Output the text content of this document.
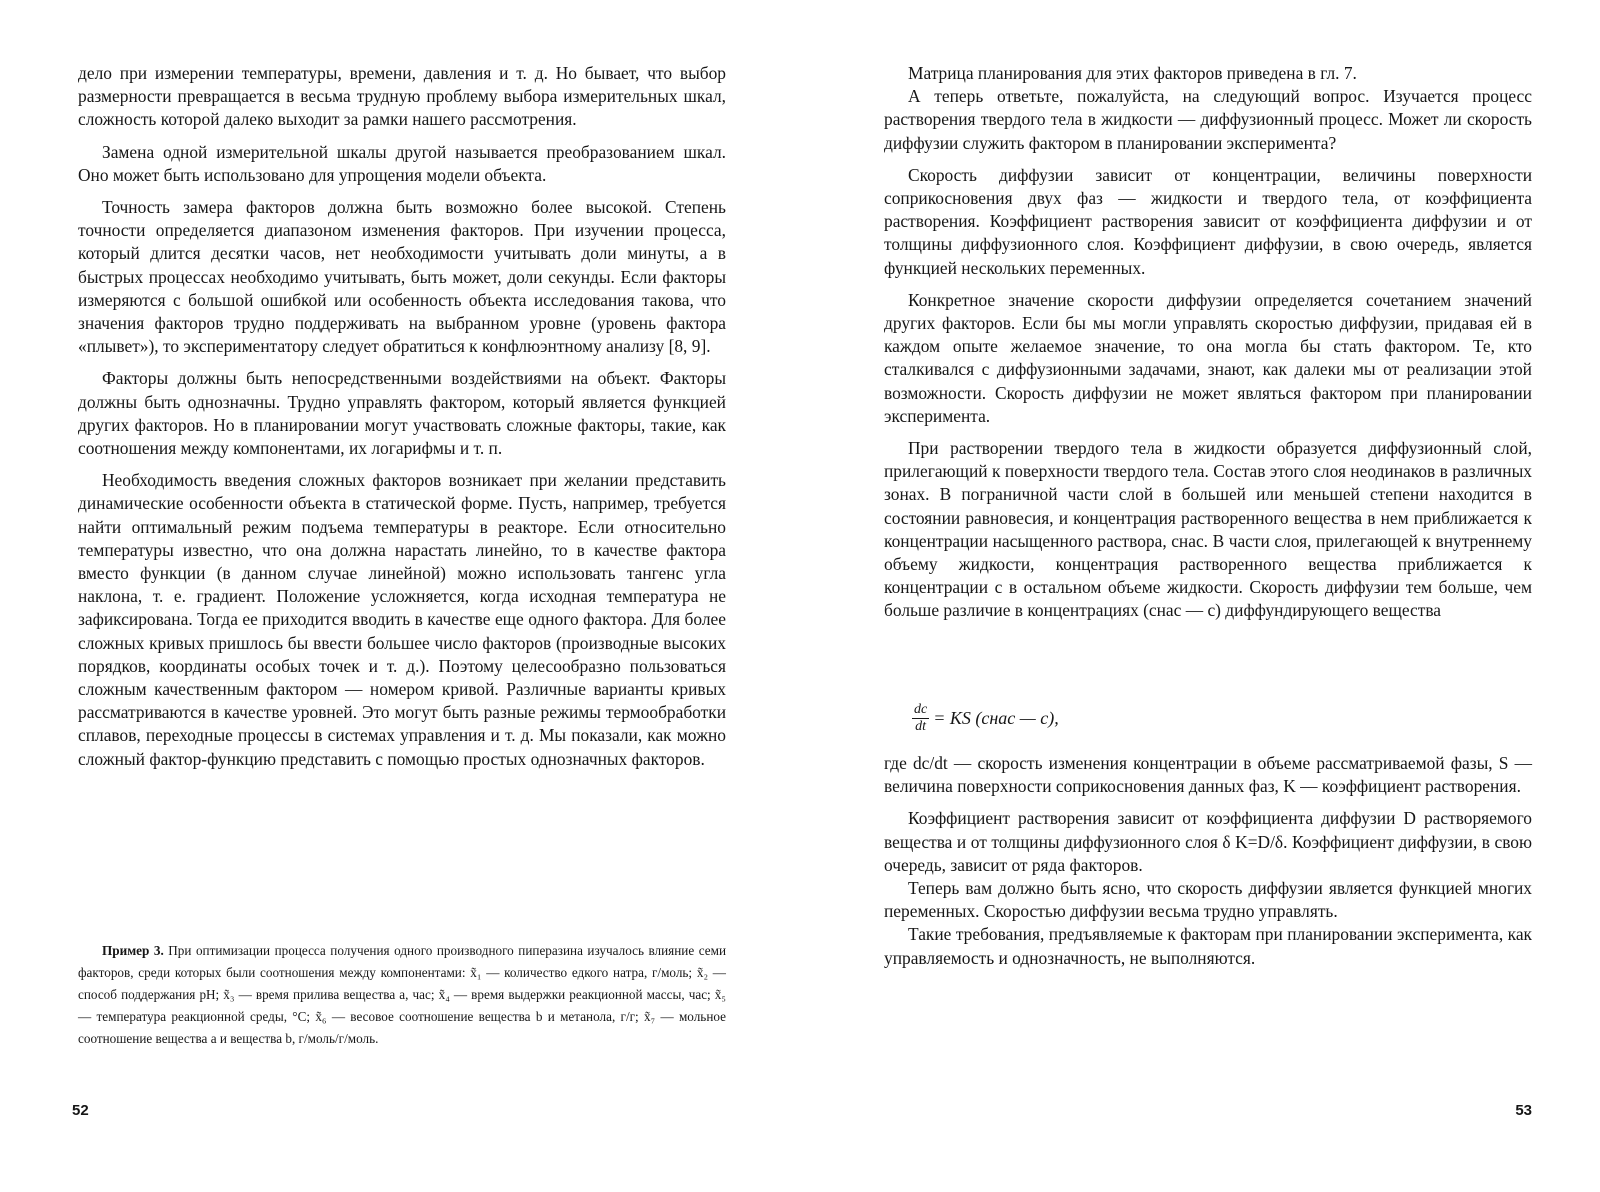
дело при измерении температуры, времени, давления и т. д. Но бывает, что выбор размерности превращается в весьма трудную проблему выбора измерительных шкал, сложность которой далеко выходит за рамки нашего рассмотрения.

Замена одной измерительной шкалы другой называется преобразованием шкал. Оно может быть использовано для упрощения модели объекта.

Точность замера факторов должна быть возможно более высокой. Степень точности определяется диапазоном изменения факторов. При изучении процесса, который длится десятки часов, нет необходимости учитывать доли минуты, а в быстрых процессах необходимо учитывать, быть может, доли секунды. Если факторы измеряются с большой ошибкой или особенность объекта исследования такова, что значения факторов трудно поддерживать на выбранном уровне (уровень фактора «плывет»), то экспериментатору следует обратиться к конфлюэнтному анализу [8, 9].

Факторы должны быть непосредственными воздействиями на объект. Факторы должны быть однозначны. Трудно управлять фактором, который является функцией других факторов. Но в планировании могут участвовать сложные факторы, такие, как соотношения между компонентами, их логарифмы и т. п.

Необходимость введения сложных факторов возникает при желании представить динамические особенности объекта в статической форме. Пусть, например, требуется найти оптимальный режим подъема температуры в реакторе. Если относительно температуры известно, что она должна нарастать линейно, то в качестве фактора вместо функции (в данном случае линейной) можно использовать тангенс угла наклона, т. е. градиент. Положение усложняется, когда исходная температура не зафиксирована. Тогда ее приходится вводить в качестве еще одного фактора. Для более сложных кривых пришлось бы ввести большее число факторов (производные высоких порядков, координаты особых точек и т. д.). Поэтому целесообразно пользоваться сложным качественным фактором — номером кривой. Различные варианты кривых рассматриваются в качестве уровней. Это могут быть разные режимы термообработки сплавов, переходные процессы в системах управления и т. д. Мы показали, как можно сложный фактор-функцию представить с помощью простых однозначных факторов.

Пример 3. При оптимизации процесса получения одного производного пиперазина изучалось влияние семи факторов, среди которых были соотношения между компонентами: x̃₁ — количество едкого натра, г/моль; x̃₂ — способ поддержания pH; x̃₃ — время прилива вещества a, час; x̃₄ — время выдержки реакционной массы, час; x̃₅ — температура реакционной среды, °C; x̃₆ — весовое соотношение вещества b и метанола, г/г; x̃₇ — мольное соотношение вещества a и вещества b, г/моль/г/моль.

52

Матрица планирования для этих факторов приведена в гл. 7.

А теперь ответьте, пожалуйста, на следующий вопрос. Изучается процесс растворения твердого тела в жидкости — диффузионный процесс. Может ли скорость диффузии служить фактором в планировании эксперимента?

Скорость диффузии зависит от концентрации, величины поверхности соприкосновения двух фаз — жидкости и твердого тела, от коэффициента растворения. Коэффициент растворения зависит от коэффициента диффузии и от толщины диффузионного слоя. Коэффициент диффузии, в свою очередь, является функцией нескольких переменных.

Конкретное значение скорости диффузии определяется сочетанием значений других факторов. Если бы мы могли управлять скоростью диффузии, придавая ей в каждом опыте желаемое значение, то она могла бы стать фактором. Те, кто сталкивался с диффузионными задачами, знают, как далеки мы от реализации этой возможности. Скорость диффузии не может являться фактором при планировании эксперимента.

При растворении твердого тела в жидкости образуется диффузионный слой, прилегающий к поверхности твердого тела. Состав этого слоя неодинаков в различных зонах. В пограничной части слой в большей или меньшей степени находится в состоянии равновесия, и концентрация растворенного вещества в нем приближается к концентрации насыщенного раствора, cнас. В части слоя, прилегающей к внутреннему объему жидкости, концентрация растворенного вещества приближается к концентрации c в остальном объеме жидкости. Скорость диффузии тем больше, чем больше различие в концентрациях (cнас — c) диффундирующего вещества

$\frac{dc}{dt}$ = KS (cнас — c),

где dc/dt — скорость изменения концентрации в объеме рассматриваемой фазы, S — величина поверхности соприкосновения данных фаз, K — коэффициент растворения.

Коэффициент растворения зависит от коэффициента диффузии D растворяемого вещества и от толщины диффузионного слоя δ K=D/δ. Коэффициент диффузии, в свою очередь, зависит от ряда факторов.

Теперь вам должно быть ясно, что скорость диффузии является функцией многих переменных. Скоростью диффузии весьма трудно управлять.

Такие требования, предъявляемые к факторам при планировании эксперимента, как управляемость и однозначность, не выполняются.

53
